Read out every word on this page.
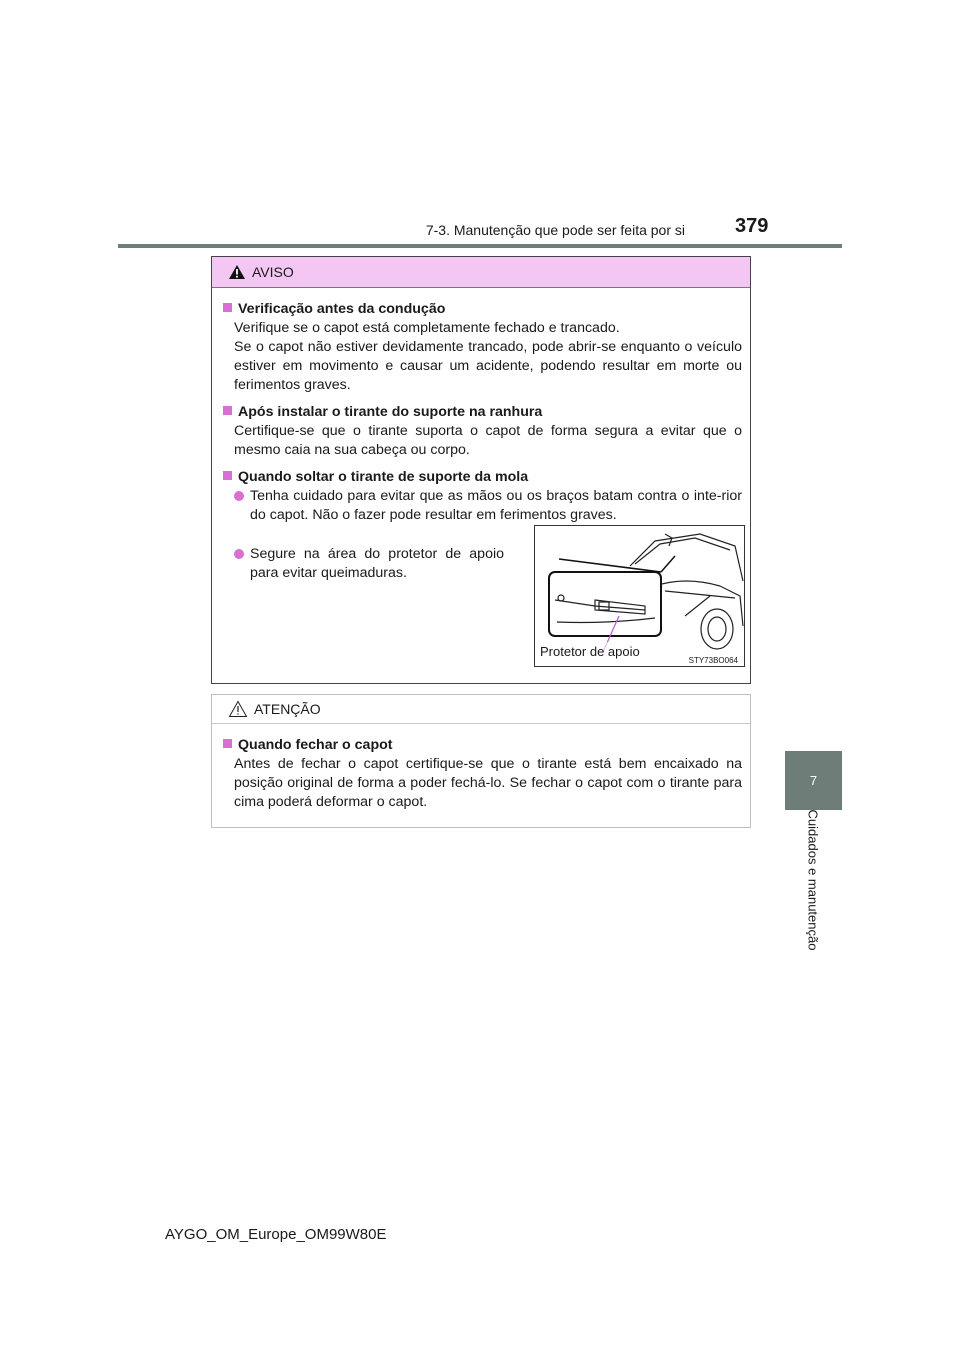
7-3. Manutenção que pode ser feita por si	379
7
Cuidados e manutenção
AVISO
Verificação antes da condução
Verifique se o capot está completamente fechado e trancado.
Se o capot não estiver devidamente trancado, pode abrir-se enquanto o veículo estiver em movimento e causar um acidente, podendo resultar em morte ou ferimentos graves.
Após instalar o tirante do suporte na ranhura
Certifique-se que o tirante suporta o capot de forma segura a evitar que o mesmo caia na sua cabeça ou corpo.
Quando soltar o tirante de suporte da mola
Tenha cuidado para evitar que as mãos ou os braços batam contra o inte-rior do capot. Não o fazer pode resultar em ferimentos graves.
Segure na área do protetor de apoio para evitar queimaduras.
Protetor de apoio
STY73BO064
ATENÇÃO
Quando fechar o capot
Antes de fechar o capot certifique-se que o tirante está bem encaixado na posição original de forma a poder fechá-lo. Se fechar o capot com o tirante para cima poderá deformar o capot.
AYGO_OM_Europe_OM99W80E
